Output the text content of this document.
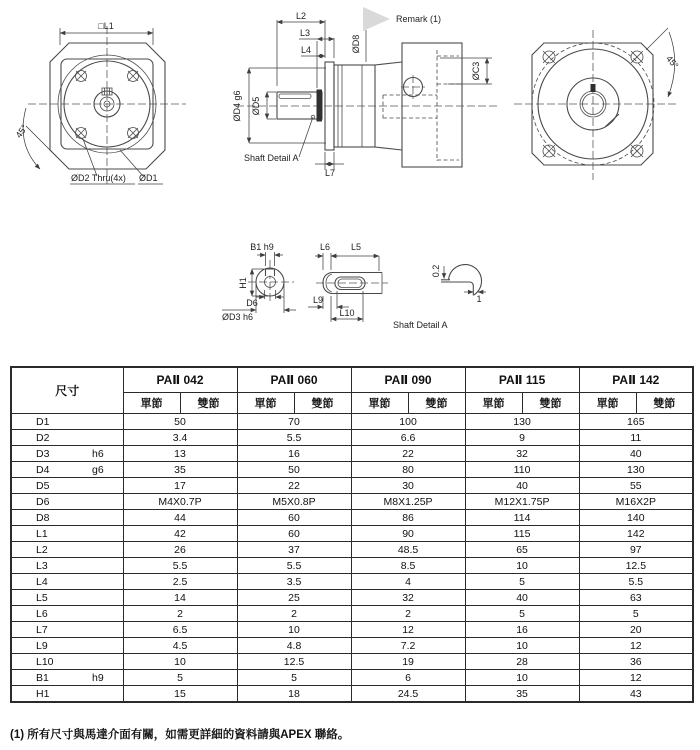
□L1
45°
ØD2 Thru(4x) ØD1
L2
L3
L4
ØD5
ØD4 g6
ØD8
Remark (1)
ØC3
L7
Shaft Detail A
45°
B1 h9
H1
D6
ØD3 h6
L6 L5
L9
L10
0.2
1
Shaft Detail A
尺寸	PAⅡ 042		PAⅡ 060		PAⅡ 090		PAⅡ 115		PAⅡ 142	
	單節	雙節	單節	雙節	單節	雙節	單節	雙節	單節	雙節
D1	50		70		100		130		165	
D2	3.4		5.5		6.6		9		11	
D3 h6	13		16		22		32		40	
D4 g6	35		50		80		110		130	
D5	17		22		30		40		55	
D6	M4X0.7P		M5X0.8P		M8X1.25P		M12X1.75P		M16X2P	
D8	44		60		86		114		140	
L1	42		60		90		115		142	
L2	26		37		48.5		65		97	
L3	5.5		5.5		8.5		10		12.5	
L4	2.5		3.5		4		5		5.5	
L5	14		25		32		40		63	
L6	2		2		2		5		5	
L7	6.5		10		12		16		20	
L9	4.5		4.8		7.2		10		12	
L10	10		12.5		19		28		36	
B1 h9	5		5		6		10		12	
H1	15		18		24.5		35		43	
(1) 所有尺寸與馬達介面有關，如需更詳細的資料請與APEX 聯絡。
